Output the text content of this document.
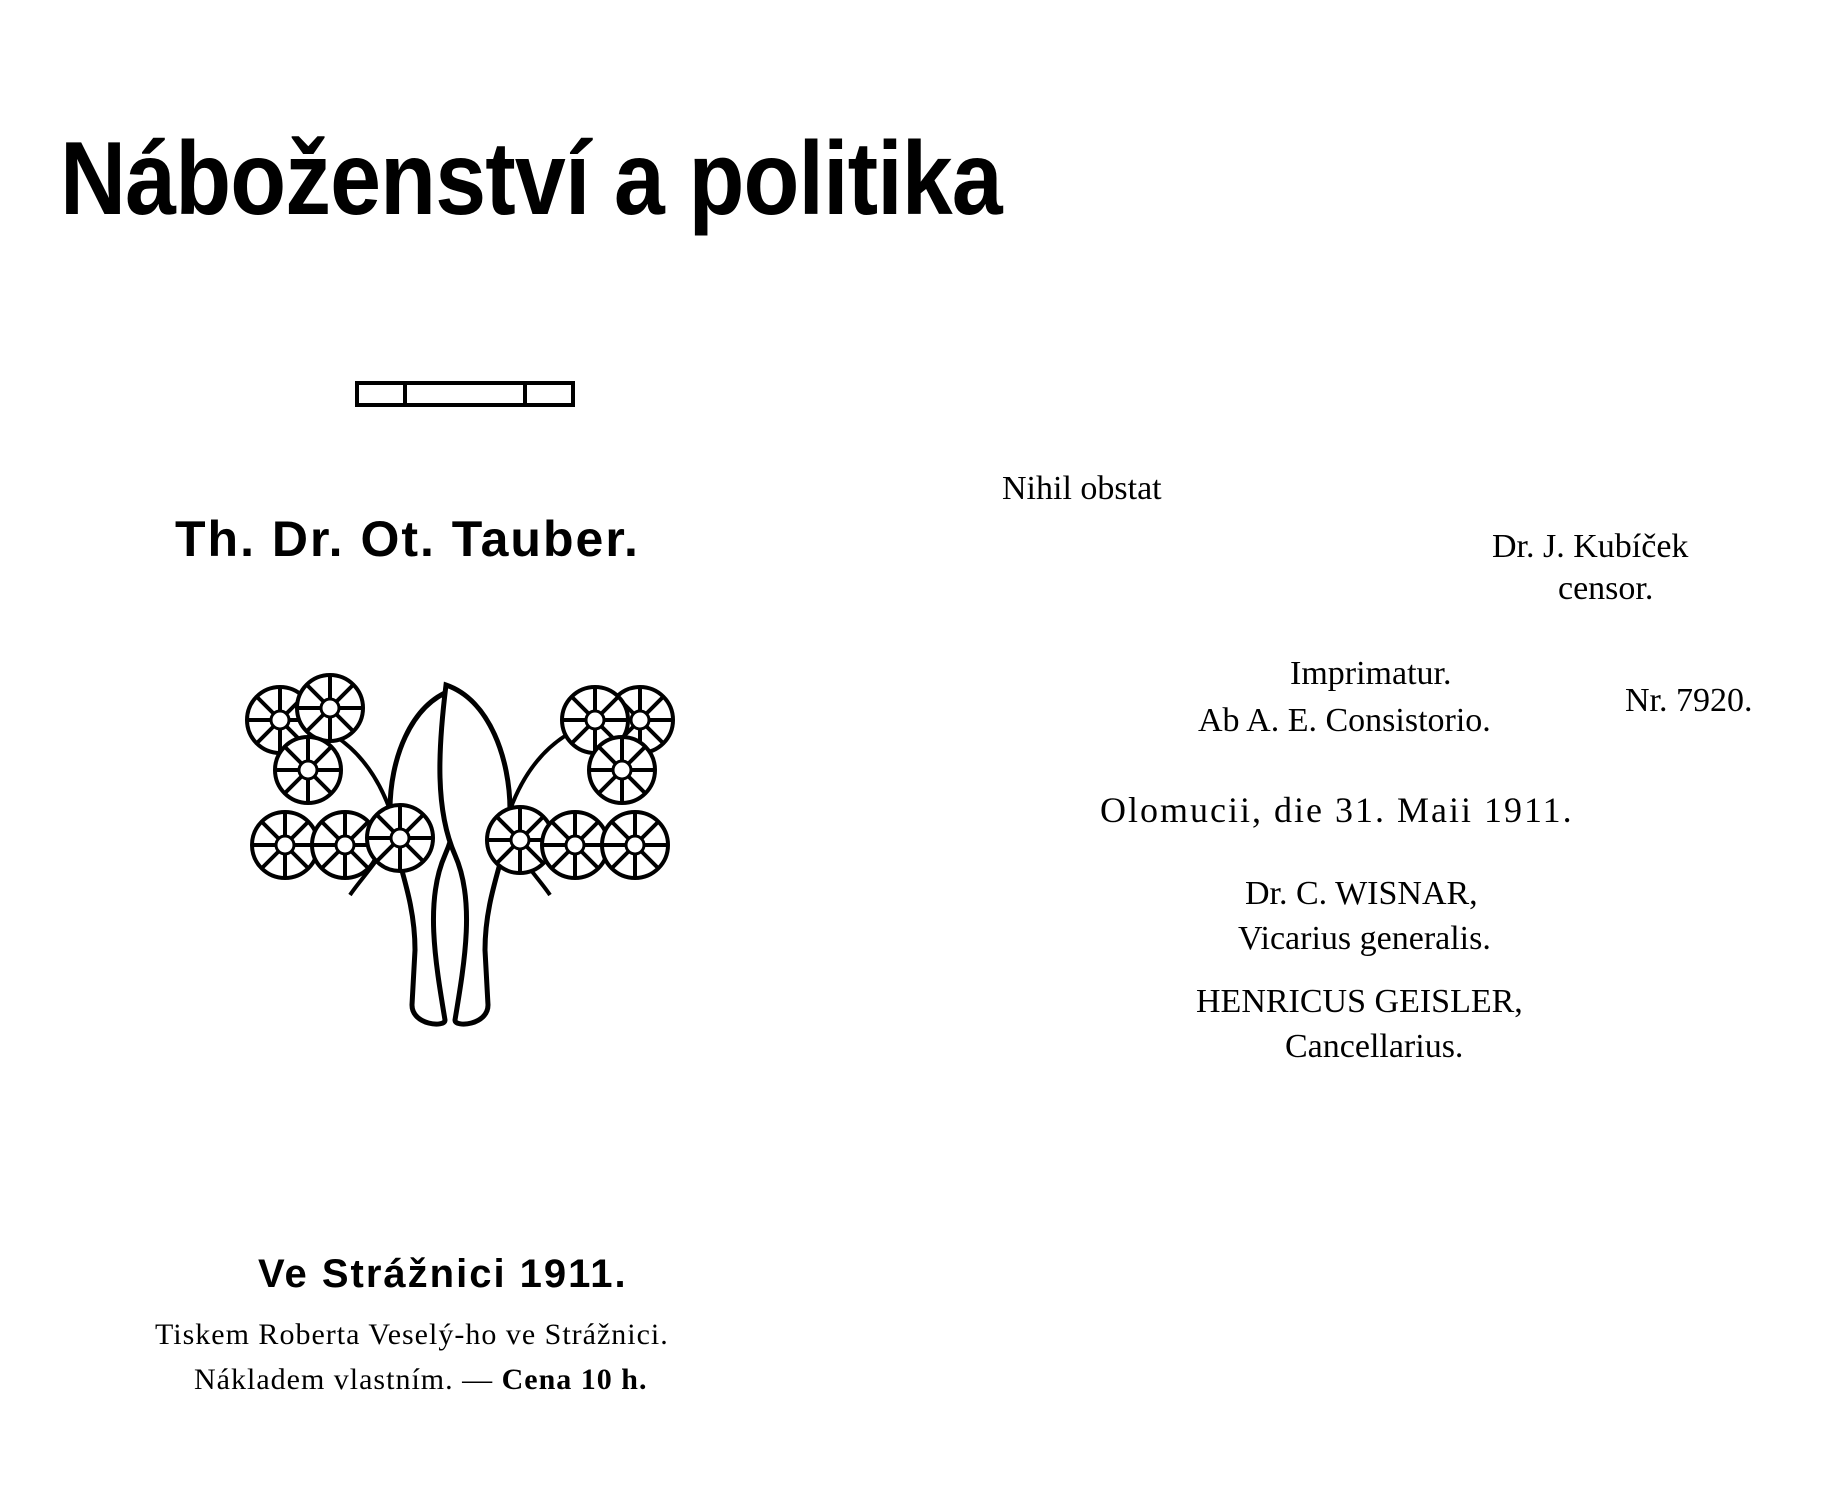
Náboženství a politika
Th. Dr. Ot. Tauber.
Ve Strážnici 1911.
Tiskem Roberta Veselý-ho ve Strážnici.
Nákladem vlastním. — Cena 10 h.
Nihil obstat
Dr. J. Kubíček
censor.
Imprimatur.
Ab A. E. Consistorio.
Nr. 7920.
Olomucii, die 31. Maii 1911.
Dr. C. WISNAR,
Vicarius generalis.
HENRICUS GEISLER,
Cancellarius.
